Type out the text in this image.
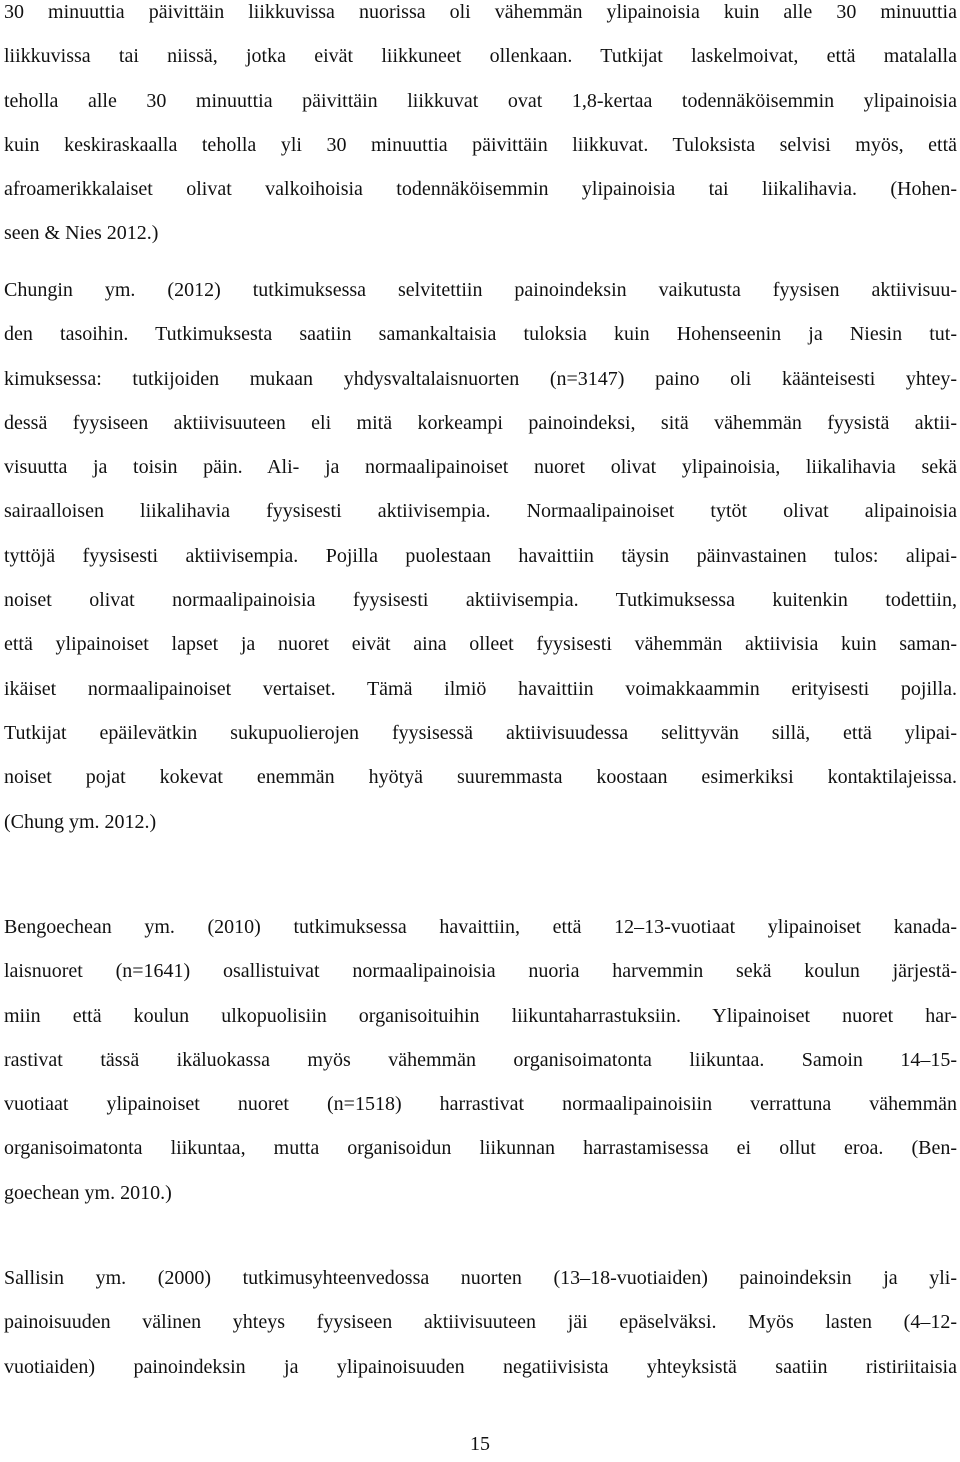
30 minuuttia päivittäin liikkuvissa nuorissa oli vähemmän ylipainoisia kuin alle 30 minuuttia
liikkuvissa tai niissä, jotka eivät liikkuneet ollenkaan. Tutkijat laskelmoivat, että matalalla
teholla alle 30 minuuttia päivittäin liikkuvat ovat 1,8-kertaa todennäköisemmin ylipainoisia
kuin keskiraskaalla teholla yli 30 minuuttia päivittäin liikkuvat. Tuloksista selvisi myös, että
afroamerikkalaiset olivat valkoihoisia todennäköisemmin ylipainoisia tai liikalihavia. (Hohen-
seen & Nies 2012.)
Chungin ym. (2012) tutkimuksessa selvitettiin painoindeksin vaikutusta fyysisen aktiivisuu-
den tasoihin. Tutkimuksesta saatiin samankaltaisia tuloksia kuin Hohenseenin ja Niesin tut-
kimuksessa: tutkijoiden mukaan yhdysvaltalaisnuorten (n=3147) paino oli käänteisesti yhtey-
dessä fyysiseen aktiivisuuteen eli mitä korkeampi painoindeksi, sitä vähemmän fyysistä aktii-
visuutta ja toisin päin. Ali- ja normaalipainoiset nuoret olivat ylipainoisia, liikalihavia sekä
sairaalloisen liikalihavia fyysisesti aktiivisempia. Normaalipainoiset tytöt olivat alipainoisia
tyttöjä fyysisesti aktiivisempia. Pojilla puolestaan havaittiin täysin päinvastainen tulos: alipai-
noiset olivat normaalipainoisia fyysisesti aktiivisempia. Tutkimuksessa kuitenkin todettiin,
että ylipainoiset lapset ja nuoret eivät aina olleet fyysisesti vähemmän aktiivisia kuin saman-
ikäiset normaalipainoiset vertaiset. Tämä ilmiö havaittiin voimakkaammin erityisesti pojilla.
Tutkijat epäilevätkin sukupuolierojen fyysisessä aktiivisuudessa selittyvän sillä, että ylipai-
noiset pojat kokevat enemmän hyötyä suuremmasta koostaan esimerkiksi kontaktilajeissa.
(Chung ym. 2012.)
Bengoechean ym. (2010) tutkimuksessa havaittiin, että 12–13-vuotiaat ylipainoiset kanada-
laisnuoret (n=1641) osallistuivat normaalipainoisia nuoria harvemmin sekä koulun järjestä-
miin että koulun ulkopuolisiin organisoituihin liikuntaharrastuksiin. Ylipainoiset nuoret har-
rastivat tässä ikäluokassa myös vähemmän organisoimatonta liikuntaa. Samoin 14–15-
vuotiaat ylipainoiset nuoret (n=1518) harrastivat normaalipainoisiin verrattuna vähemmän
organisoimatonta liikuntaa, mutta organisoidun liikunnan harrastamisessa ei ollut eroa. (Ben-
goechean ym. 2010.)
Sallisin ym. (2000) tutkimusyhteenvedossa nuorten (13–18-vuotiaiden) painoindeksin ja yli-
painoisuuden välinen yhteys fyysiseen aktiivisuuteen jäi epäselväksi. Myös lasten (4–12-
vuotiaiden) painoindeksin ja ylipainoisuuden negatiivisista yhteyksistä saatiin ristiriitaisia
15
